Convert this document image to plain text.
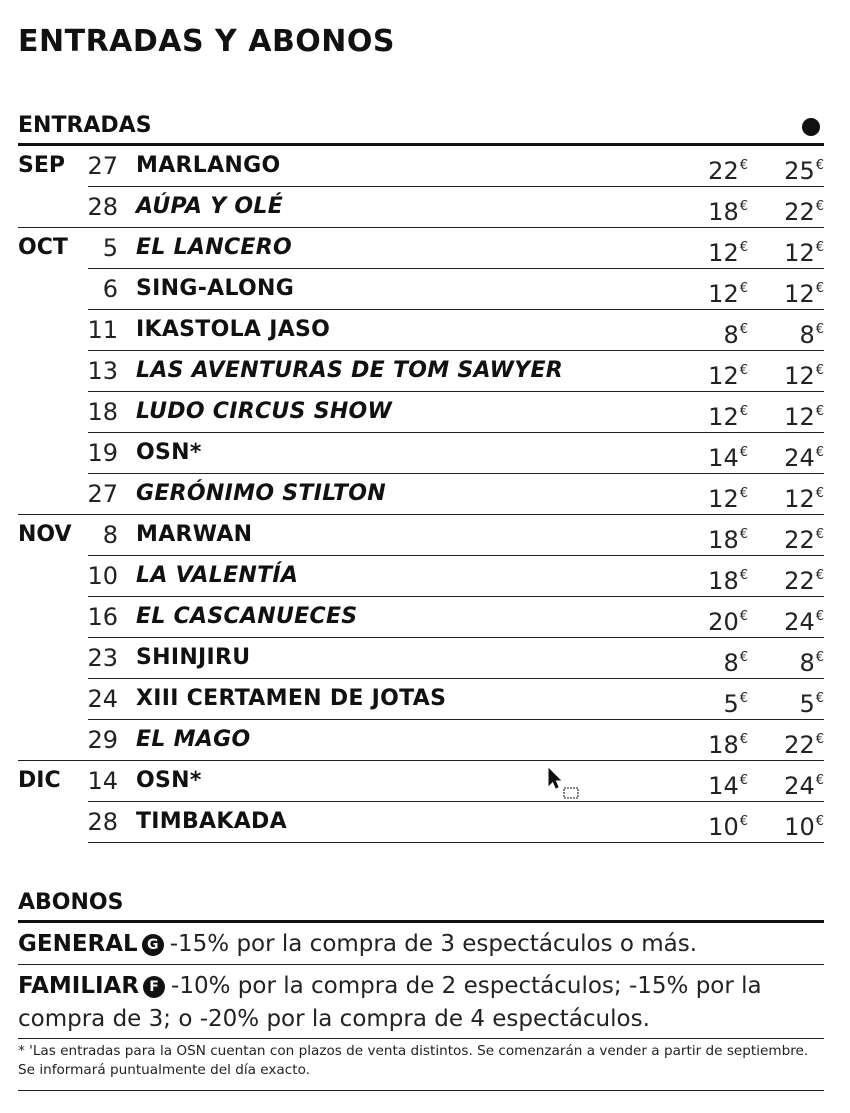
ENTRADAS Y ABONOS
ENTRADAS
SEP 27 MARLANGO	22€	25€
28 AÚPA Y OLÉ	18€	22€
OCT	5 EL LANCERO	12€	12€
6 SING-ALONG	12€	12€
11 IKASTOLA JASO	8€	8€
13 LAS AVENTURAS DE TOM SAWYER	12€	12€
18 LUDO CIRCUS SHOW	12€	12€
19 OSN*	14€	24€
27 GERÓNIMO STILTON	12€	12€
NOV	8 MARWAN	18€	22€
10 LA VALENTÍA	18€	22€
16 EL CASCANUECES	20€	24€
23 SHINJIRU	8€	8€
24 XIII CERTAMEN DE JOTAS	5€	5€
29 EL MAGO	18€	22€
DIC	14 OSN*	14€	24€
28 TIMBAKADA	10€	10€
ABONOS
GENERAL G -15% por la compra de 3 espectáculos o más.
FAMILIAR F -10% por la compra de 2 espectáculos; -15% por la compra de 3; o -20% por la compra de 4 espectáculos.
* 'Las entradas para la OSN cuentan con plazos de venta distintos. Se comenzarán a vender a partir de septiembre. Se informará puntualmente del día exacto.
